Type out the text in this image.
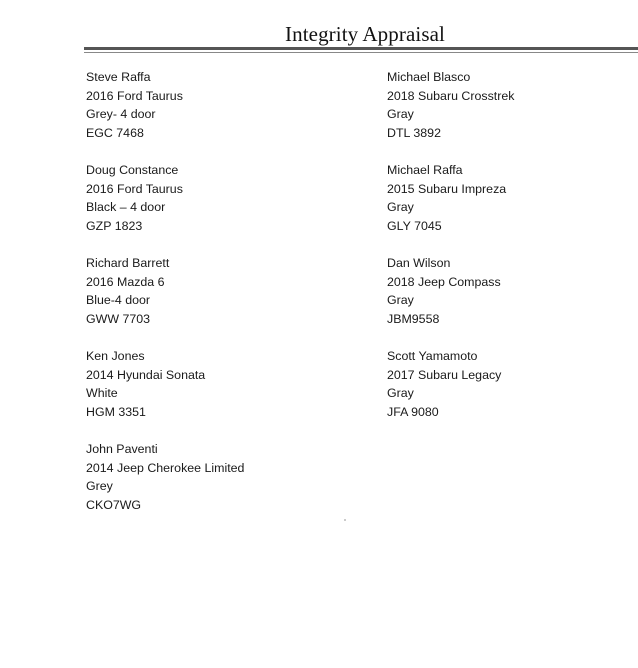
Integrity Appraisal
Steve Raffa
2016 Ford Taurus
Grey- 4 door
EGC 7468
Doug Constance
2016 Ford Taurus
Black – 4 door
GZP 1823
Richard Barrett
2016 Mazda 6
Blue-4 door
GWW 7703
Ken Jones
2014 Hyundai Sonata
White
HGM 3351
John Paventi
2014 Jeep Cherokee Limited
Grey
CKO7WG
Michael Blasco
2018 Subaru Crosstrek
Gray
DTL 3892
Michael Raffa
2015 Subaru Impreza
Gray
GLY 7045
Dan Wilson
2018 Jeep Compass
Gray
JBM9558
Scott Yamamoto
2017 Subaru Legacy
Gray
JFA 9080
